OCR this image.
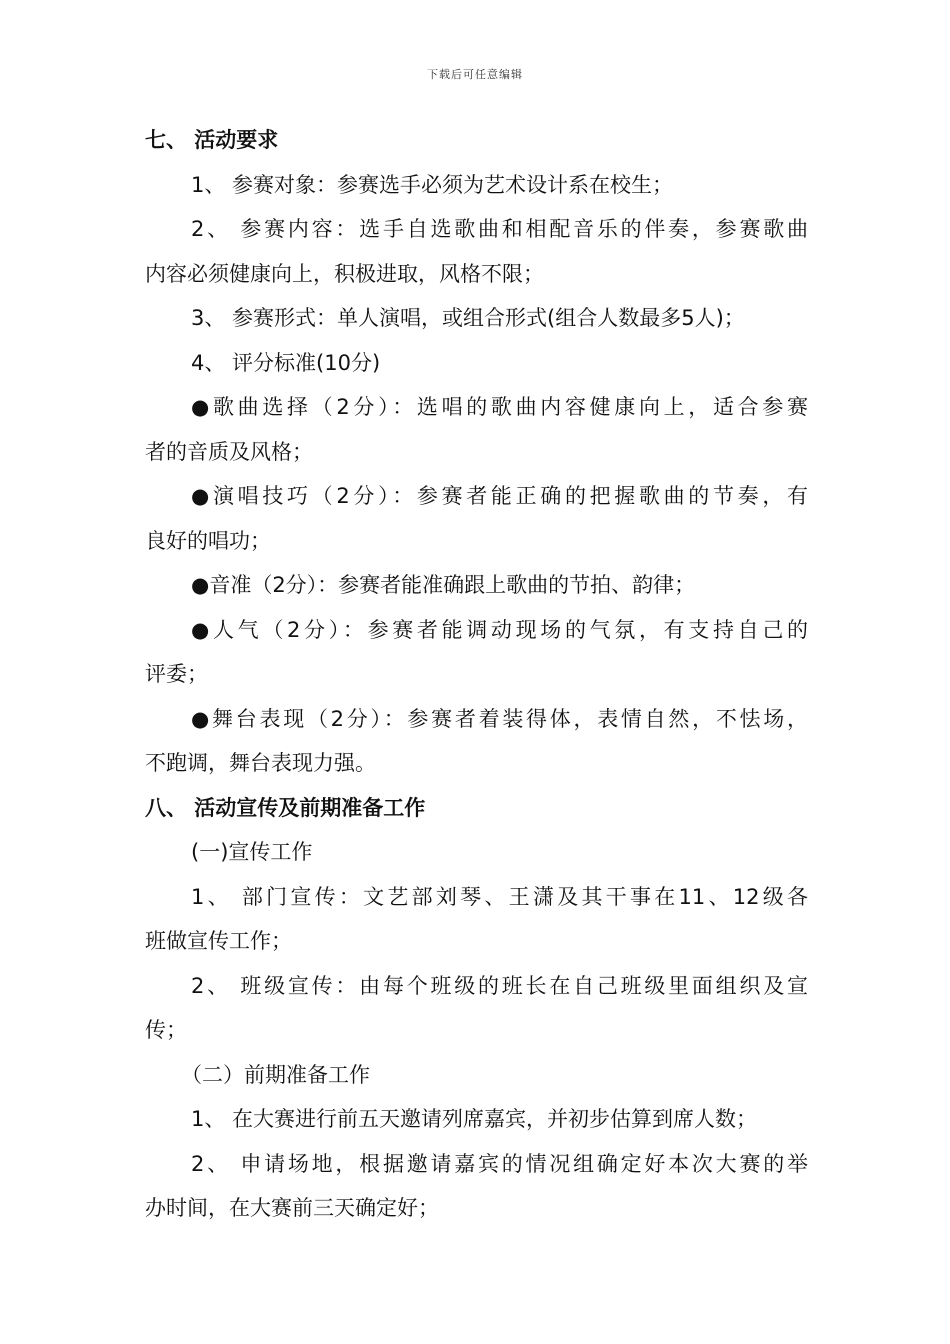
下载后可任意编辑
七、 活动要求
1、 参赛对象：参赛选手必须为艺术设计系在校生；
2、 参赛内容：选手自选歌曲和相配音乐的伴奏，参赛歌曲
内容必须健康向上，积极进取，风格不限；
3、 参赛形式：单人演唱，或组合形式(组合人数最多5人)；
4、 评分标准(10分)
●歌曲选择（2分）：选唱的歌曲内容健康向上，适合参赛
者的音质及风格；
●演唱技巧（2分）：参赛者能正确的把握歌曲的节奏，有
良好的唱功；
●音准（2分）：参赛者能准确跟上歌曲的节拍、韵律；
●人气（2分）：参赛者能调动现场的气氛，有支持自己的
评委；
●舞台表现（2分）：参赛者着装得体，表情自然，不怯场，
不跑调，舞台表现力强。
八、 活动宣传及前期准备工作
(一)宣传工作
1、 部门宣传：文艺部刘琴、王潇及其干事在11、12级各
班做宣传工作；
2、 班级宣传：由每个班级的班长在自己班级里面组织及宣
传；
（二）前期准备工作
1、 在大赛进行前五天邀请列席嘉宾，并初步估算到席人数；
2、 申请场地，根据邀请嘉宾的情况组确定好本次大赛的举
办时间，在大赛前三天确定好；
